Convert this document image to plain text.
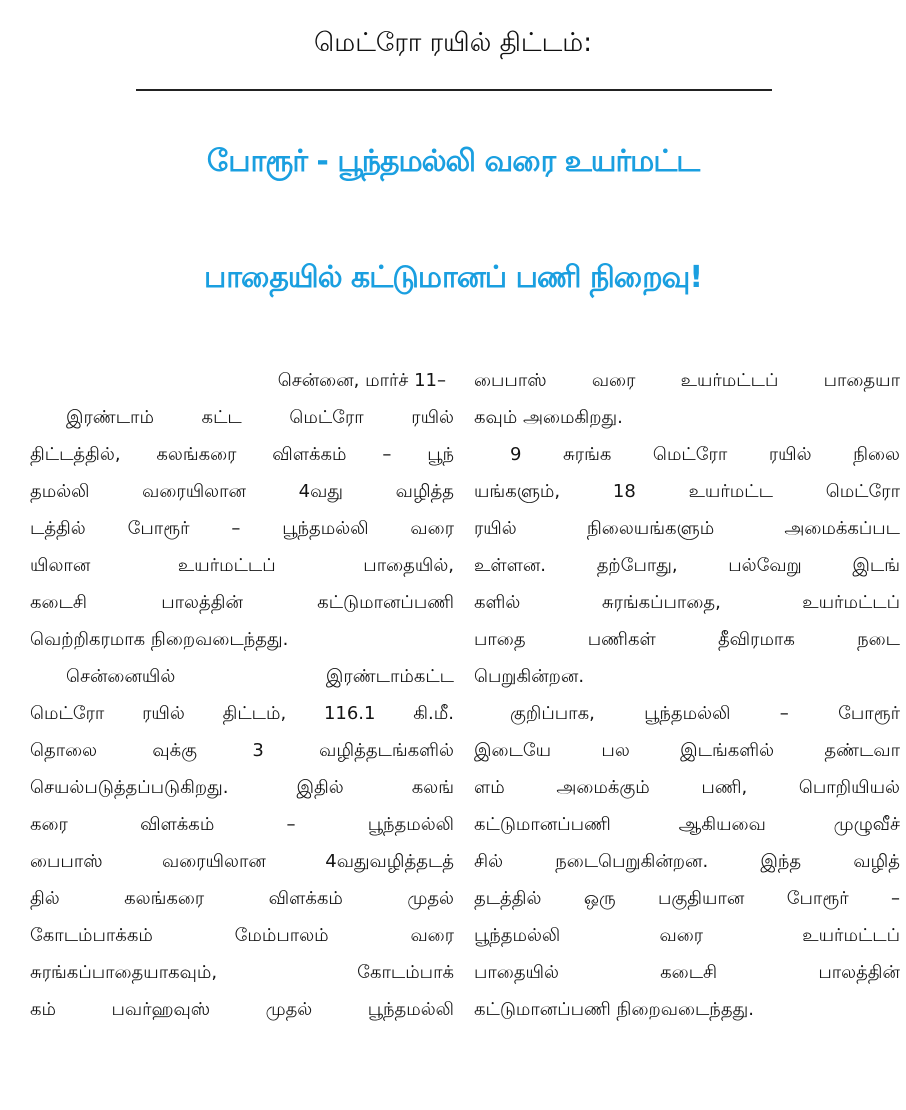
மெட்ரோ ரயில் திட்டம்:
போரூர் - பூந்தமல்லி வரை உயர்மட்ட
பாதையில் கட்டுமானப் பணி நிறைவு!
சென்னை, மார்ச் 11–
இரண்டாம் கட்ட மெட்ரோ ரயில்
திட்டத்தில், கலங்கரை விளக்கம் – பூந்
தமல்லி வரையிலான 4வது வழித்த
டத்தில் போரூர் – பூந்தமல்லி வரை
யிலான உயர்மட்டப் பாதையில்,
கடைசி பாலத்தின் கட்டுமானப்பணி
வெற்றிகரமாக நிறைவடைந்தது.
சென்னையில் இரண்டாம்கட்ட
மெட்ரோ ரயில் திட்டம், 116.1 கி.மீ.
தொலை வுக்கு 3 வழித்தடங்களில்
செயல்படுத்தப்படுகிறது. இதில் கலங்
கரை விளக்கம் – பூந்தமல்லி
பைபாஸ் வரையிலான 4வதுவழித்தடத்
தில் கலங்கரை விளக்கம் முதல்
கோடம்பாக்கம் மேம்பாலம் வரை
சுரங்கப்பாதையாகவும், கோடம்பாக்
கம் பவர்ஹவுஸ் முதல் பூந்தமல்லி
பைபாஸ் வரை உயர்மட்டப் பாதையா
கவும் அமைகிறது.
9 சுரங்க மெட்ரோ ரயில் நிலை
யங்களும், 18 உயர்மட்ட மெட்ரோ
ரயில் நிலையங்களும் அமைக்கப்பட
உள்ளன. தற்போது, பல்வேறு இடங்
களில் சுரங்கப்பாதை, உயர்மட்டப்
பாதை பணிகள் தீவிரமாக நடை
பெறுகின்றன.
குறிப்பாக, பூந்தமல்லி – போரூர்
இடையே பல இடங்களில் தண்டவா
ளம் அமைக்கும் பணி, பொறியியல்
கட்டுமானப்பணி ஆகியவை முழுவீச்
சில் நடைபெறுகின்றன. இந்த வழித்
தடத்தில் ஒரு பகுதியான போரூர் –
பூந்தமல்லி வரை உயர்மட்டப்
பாதையில் கடைசி பாலத்தின்
கட்டுமானப்பணி நிறைவடைந்தது.
